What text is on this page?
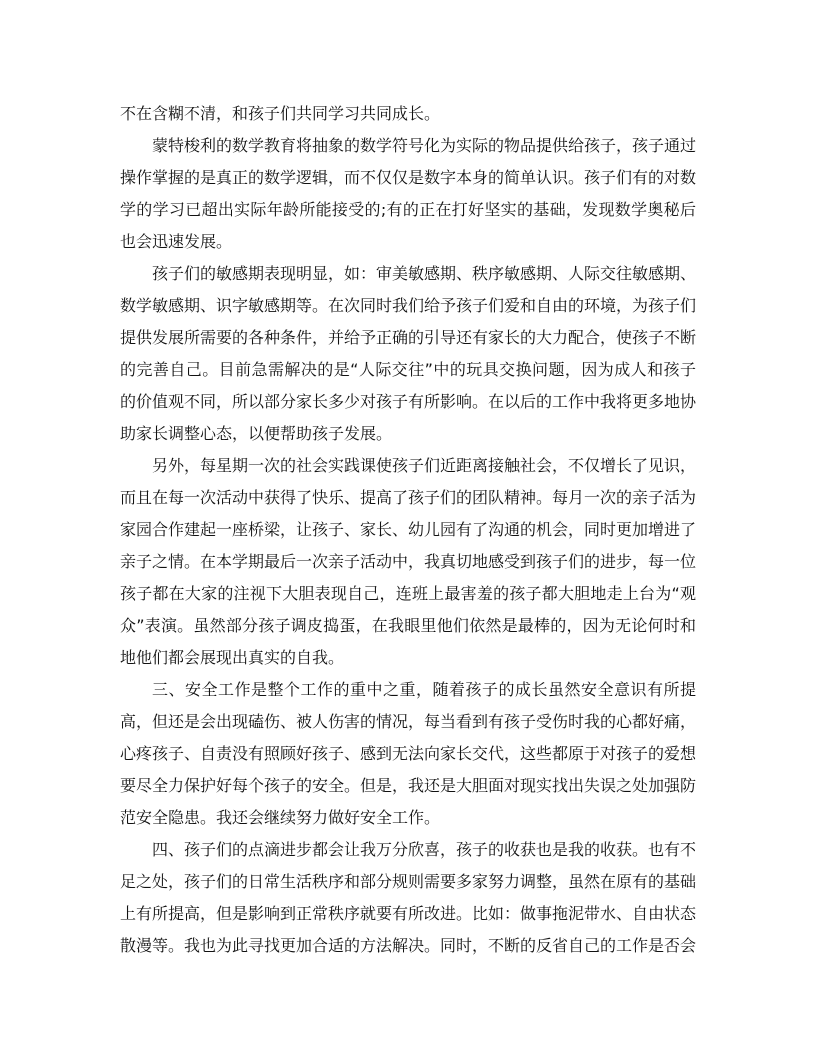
不在含糊不清，和孩子们共同学习共同成长。

蒙特梭利的数学教育将抽象的数学符号化为实际的物品提供给孩子，孩子通过操作掌握的是真正的数学逻辑，而不仅仅是数字本身的简单认识。孩子们有的对数学的学习已超出实际年龄所能接受的;有的正在打好坚实的基础，发现数学奥秘后也会迅速发展。

孩子们的敏感期表现明显，如：审美敏感期、秩序敏感期、人际交往敏感期、数学敏感期、识字敏感期等。在次同时我们给予孩子们爱和自由的环境，为孩子们提供发展所需要的各种条件，并给予正确的引导还有家长的大力配合，使孩子不断的完善自己。目前急需解决的是“人际交往”中的玩具交换问题，因为成人和孩子的价值观不同，所以部分家长多少对孩子有所影响。在以后的工作中我将更多地协助家长调整心态，以便帮助孩子发展。

另外，每星期一次的社会实践课使孩子们近距离接触社会，不仅增长了见识，而且在每一次活动中获得了快乐、提高了孩子们的团队精神。每月一次的亲子活为家园合作建起一座桥梁，让孩子、家长、幼儿园有了沟通的机会，同时更加增进了亲子之情。在本学期最后一次亲子活动中，我真切地感受到孩子们的进步，每一位孩子都在大家的注视下大胆表现自己，连班上最害羞的孩子都大胆地走上台为“观众”表演。虽然部分孩子调皮捣蛋，在我眼里他们依然是最棒的，因为无论何时和地他们都会展现出真实的自我。

三、安全工作是整个工作的重中之重，随着孩子的成长虽然安全意识有所提高，但还是会出现磕伤、被人伤害的情况，每当看到有孩子受伤时我的心都好痛，心疼孩子、自责没有照顾好孩子、感到无法向家长交代，这些都原于对孩子的爱想要尽全力保护好每个孩子的安全。但是，我还是大胆面对现实找出失误之处加强防范安全隐患。我还会继续努力做好安全工作。

四、孩子们的点滴进步都会让我万分欣喜，孩子的收获也是我的收获。也有不足之处，孩子们的日常生活秩序和部分规则需要多家努力调整，虽然在原有的基础上有所提高，但是影响到正常秩序就要有所改进。比如：做事拖泥带水、自由状态散漫等。我也为此寻找更加合适的方法解决。同时，不断的反省自己的工作是否会
